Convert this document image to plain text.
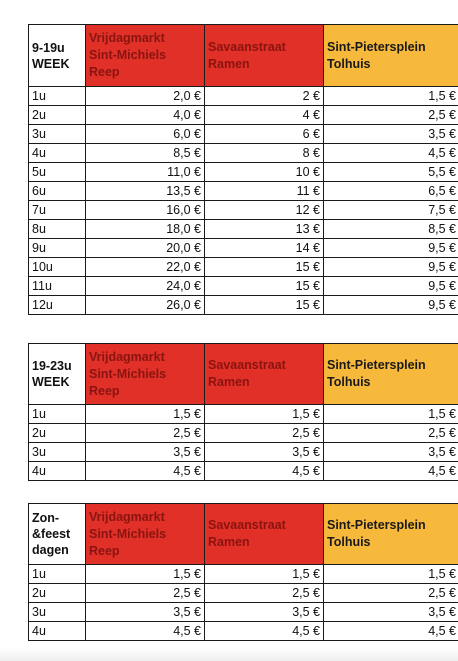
9-19u
WEEK	Vrijdagmarkt
Sint-Michiels
Reep	Savaanstraat
Ramen	Sint-Pietersplein
Tolhuis
1u	2,0 €	2 €	1,5 €
2u	4,0 €	4 €	2,5 €
3u	6,0 €	6 €	3,5 €
4u	8,5 €	8 €	4,5 €
5u	11,0 €	10 €	5,5 €
6u	13,5 €	11 €	6,5 €
7u	16,0 €	12 €	7,5 €
8u	18,0 €	13 €	8,5 €
9u	20,0 €	14 €	9,5 €
10u	22,0 €	15 €	9,5 €
11u	24,0 €	15 €	9,5 €
12u	26,0 €	15 €	9,5 €
19-23u
WEEK	Vrijdagmarkt
Sint-Michiels
Reep	Savaanstraat
Ramen	Sint-Pietersplein
Tolhuis
1u	1,5 €	1,5 €	1,5 €
2u	2,5 €	2,5 €	2,5 €
3u	3,5 €	3,5 €	3,5 €
4u	4,5 €	4,5 €	4,5 €
Zon-
&feest
dagen	Vrijdagmarkt
Sint-Michiels
Reep	Savaanstraat
Ramen	Sint-Pietersplein
Tolhuis
1u	1,5 €	1,5 €	1,5 €
2u	2,5 €	2,5 €	2,5 €
3u	3,5 €	3,5 €	3,5 €
4u	4,5 €	4,5 €	4,5 €
